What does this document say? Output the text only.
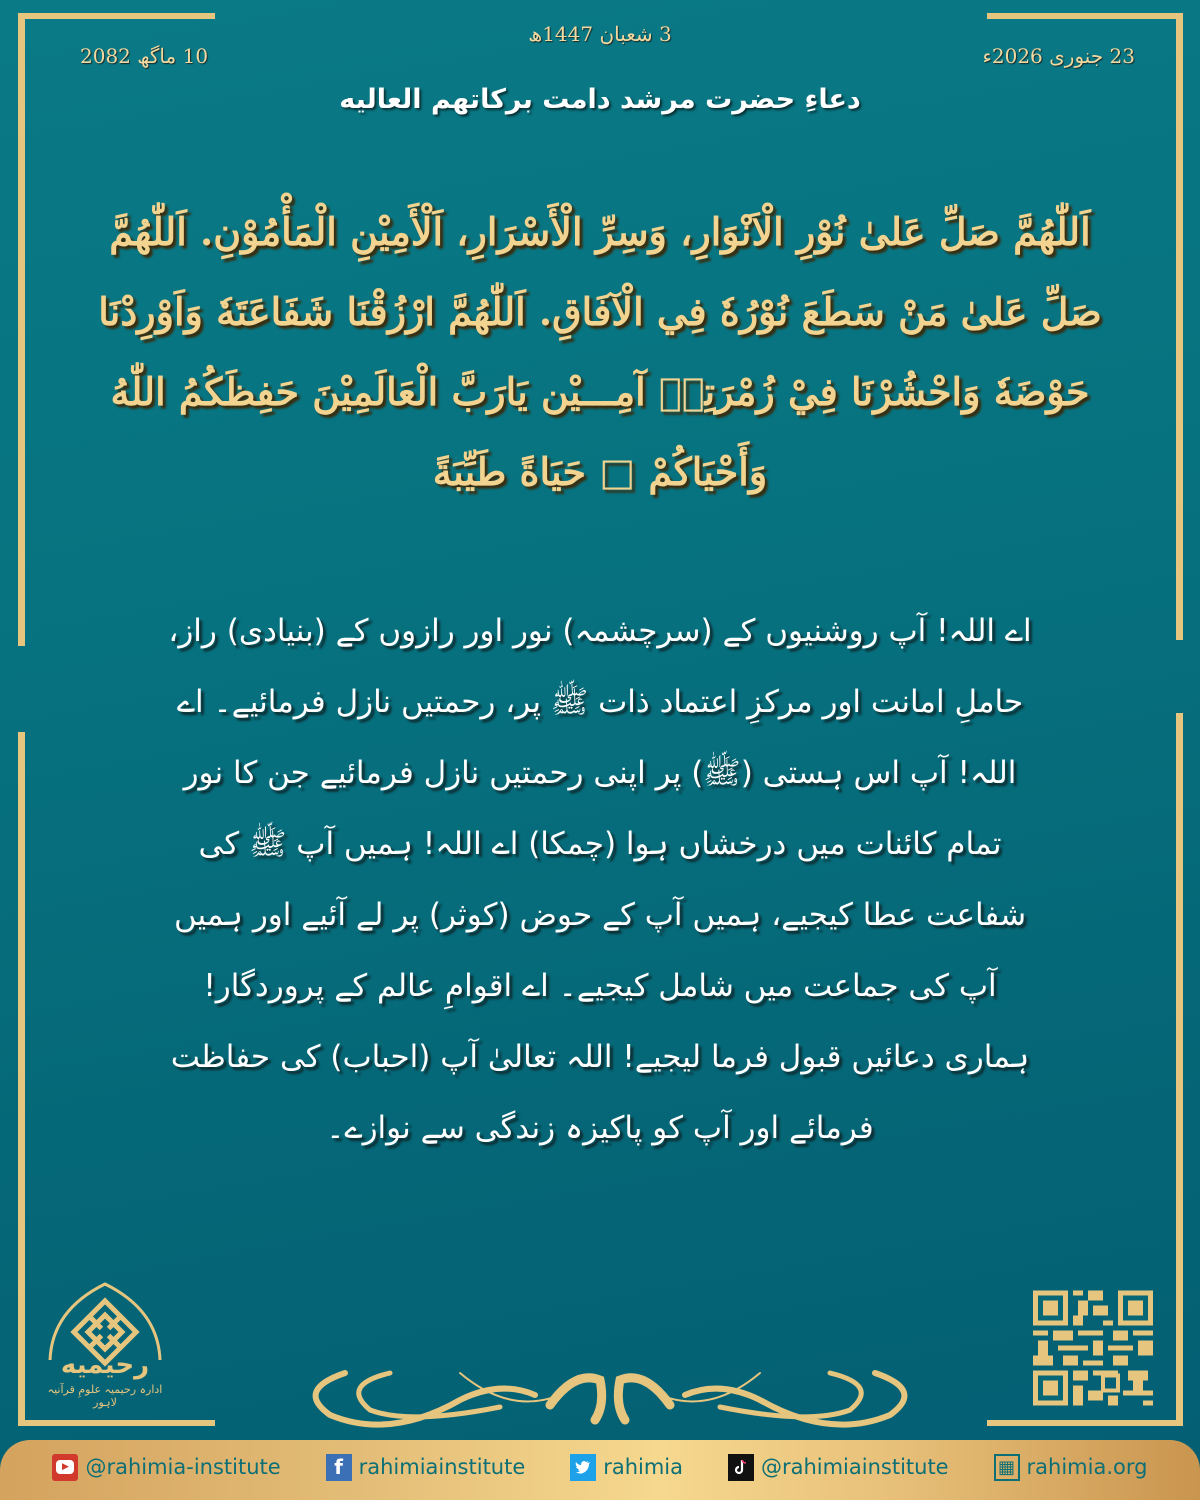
3 شعبان 1447ھ
10 ماگھ 2082	23 جنوری 2026ء
دعاءِ حضرت مرشد دامت برکاتهم العالیه
اَللّٰهُمَّ صَلِّ عَلىٰ نُوْرِ الْاَنْوَارِ، وَسِرِّ الْأَسْرَارِ، اَلْأَمِيْنِ الْمَأْمُوْنِ. اَللّٰهُمَّ صَلِّ عَلىٰ مَنْ سَطَعَ نُوْرُهٗ فِي الْآفَاقِ. اَللّٰهُمَّ ارْزُقْنَا شَفَاعَتَهٗ وَاَوْرِدْنَا حَوْضَهٗ وَاحْشُرْنَا فِيْ زُمْرَتِهٖ آمِـــيْن يَارَبَّ الْعَالَمِيْنَ حَفِظَكُمُ اللّٰهُ وَأَحْيَاكُمْ □ حَيَاةً طَيِّبَةً
اے اللہ! آپ روشنیوں کے (سرچشمہ) نور اور رازوں کے (بنیادی) راز، حاملِ امانت اور مرکزِ اعتماد ذات ﷺ پر، رحمتیں نازل فرمائیے۔ اے اللہ! آپ اس ہستی (ﷺ) پر اپنی رحمتیں نازل فرمائیے جن کا نور تمام کائنات میں درخشاں ہوا (چمکا) اے اللہ! ہمیں آپ ﷺ کی شفاعت عطا کیجیے، ہمیں آپ کے حوض (کوثر) پر لے آئیے اور ہمیں آپ کی جماعت میں شامل کیجیے۔ اے اقوامِ عالم کے پروردگار! ہماری دعائیں قبول فرما لیجیے! اللہ تعالیٰ آپ (احباب) کی حفاظت فرمائے اور آپ کو پاکیزہ زندگی سے نوازے۔
رحیمیه
ادارہ رحیمیہ علومِ قرآنیہ لاہور
▶ @rahimia-institute	f rahimiainstitute	rahimia	@rahimiainstitute	▦ rahimia.org
